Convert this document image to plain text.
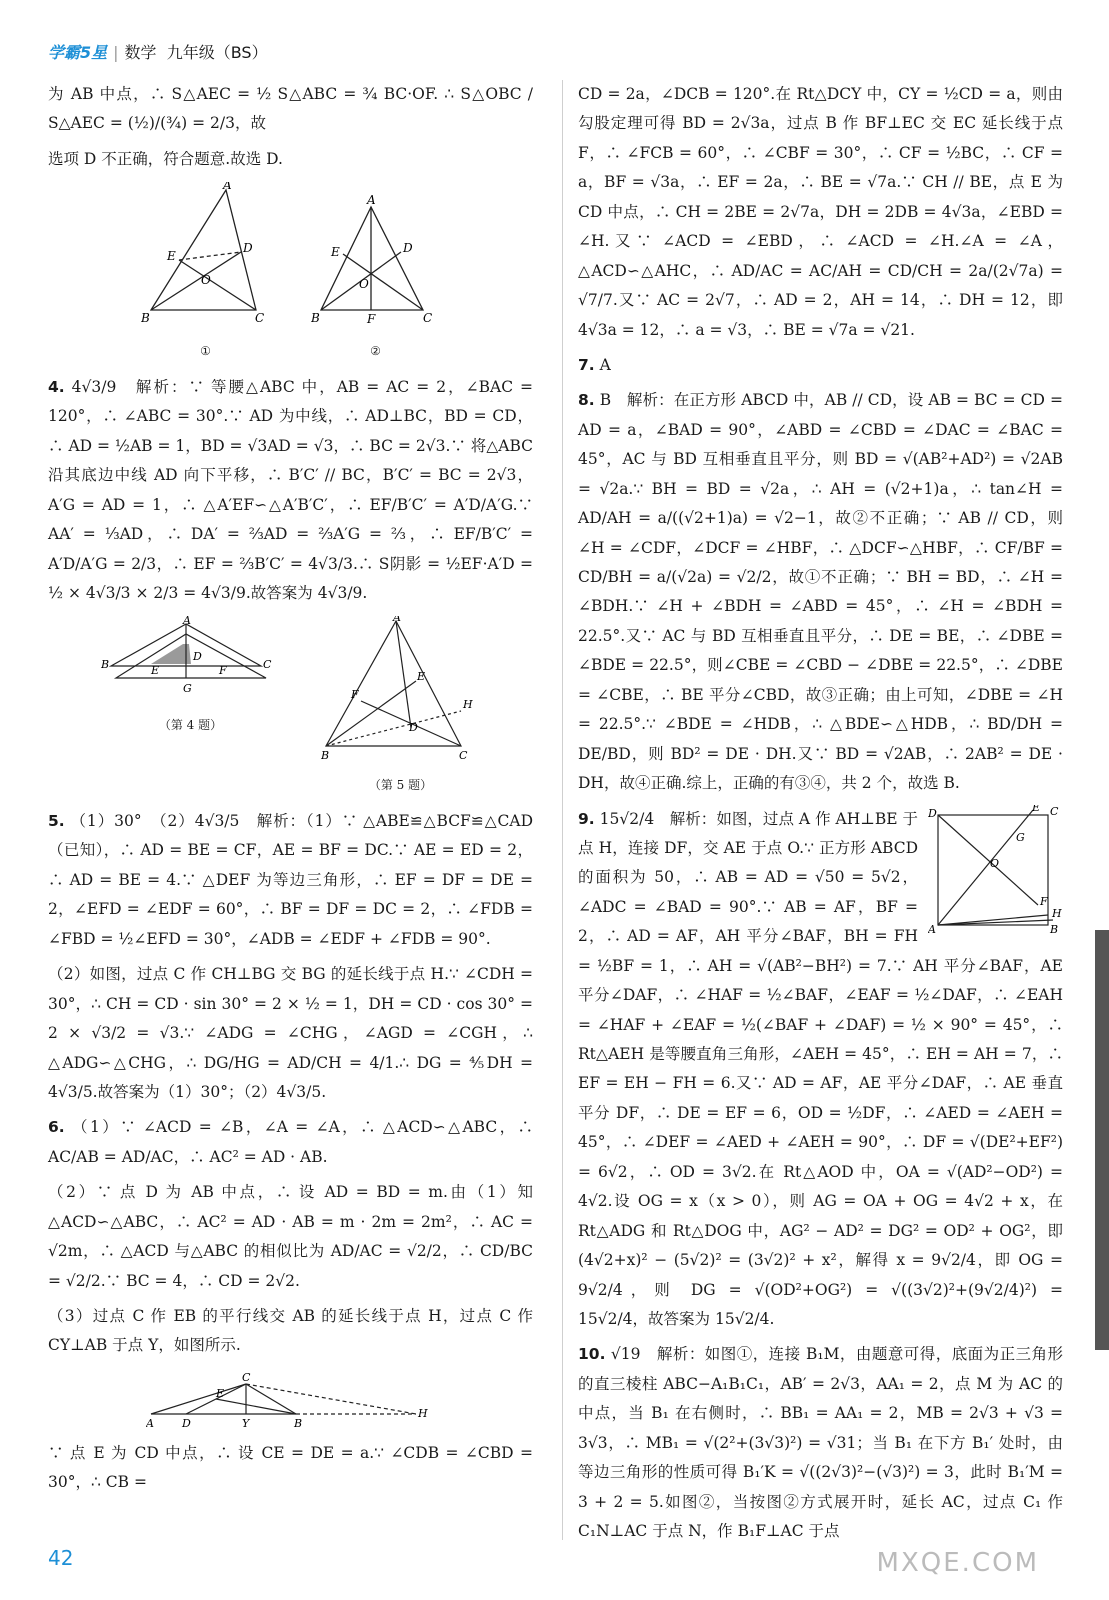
学霸5星 | 数学 九年级（BS）

为 AB 中点，∴ S△AEC = ½ S△ABC = ¾ BC·OF. ∴ S△OBC / S△AEC = (½)/(¾) = 2/3，故

选项 D 不正确，符合题意.故选 D.

A
B	C
E
D
O
①
A
B	C
E	D
O
F
②

4. 4√3/9　解析：∵ 等腰△ABC 中，AB = AC = 2，∠BAC = 120°，∴ ∠ABC = 30°.∵ AD 为中线，∴ AD⊥BC，BD = CD，∴ AD = ½AB = 1，BD = √3AD = √3，∴ BC = 2√3.∵ 将△ABC 沿其底边中线 AD 向下平移，∴ B′C′ // BC，B′C′ = BC = 2√3，A′G = AD = 1，∴ △A′EF∽△A′B′C′，∴ EF/B′C′ = A′D/A′G.∵ AA′ = ⅓AD，∴ DA′ = ⅔AD = ⅔A′G = ⅔，∴ EF/B′C′ = A′D/A′G = 2/3，∴ EF = ⅔B′C′ = 4√3/3.∴ S阴影 = ½EF·A′D = ½ × 4√3/3 × 2/3 = 4√3/9.故答案为 4√3/9.

A
B	C
D
E	F
G
（第 4 题）
A
B	C
D
E
F
H
（第 5 题）

5. （1）30°　（2）4√3/5　解析：（1）∵ △ABE≌△BCF≌△CAD（已知），∴ AD = BE = CF，AE = BF = DC.∵ AE = ED = 2，∴ AD = BE = 4.∵ △DEF 为等边三角形，∴ EF = DF = DE = 2，∠EFD = ∠EDF = 60°，∴ BF = DF = DC = 2，∴ ∠FDB = ∠FBD = ½∠EFD = 30°，∠ADB = ∠EDF + ∠FDB = 90°.

（2）如图，过点 C 作 CH⊥BG 交 BG 的延长线于点 H.∵ ∠CDH = 30°，∴ CH = CD · sin 30° = 2 × ½ = 1，DH = CD · cos 30° = 2 × √3/2 = √3.∵ ∠ADG = ∠CHG，∠AGD = ∠CGH，∴ △ADG∽△CHG，∴ DG/HG = AD/CH = 4/1.∴ DG = ⅘DH = 4√3/5.故答案为（1）30°；（2）4√3/5.

6. （1）∵ ∠ACD = ∠B，∠A = ∠A，∴ △ACD∽△ABC，∴ AC/AB = AD/AC，∴ AC² = AD · AB.

（2）∵ 点 D 为 AB 中点，∴ 设 AD = BD = m.由（1）知△ACD∽△ABC，∴ AC² = AD · AB = m · 2m = 2m²，∴ AC = √2m，∴ △ACD 与△ABC 的相似比为 AD/AC = √2/2，∴ CD/BC = √2/2.∵ BC = 4，∴ CD = 2√2.

（3）过点 C 作 EB 的平行线交 AB 的延长线于点 H，过点 C 作 CY⊥AB 于点 Y，如图所示.

A	D	Y	B
C
E
H

∵ 点 E 为 CD 中点，∴ 设 CE = DE = a.∵ ∠CDB = ∠CBD = 30°，∴ CB =

CD = 2a，∠DCB = 120°.在 Rt△DCY 中，CY = ½CD = a，则由勾股定理可得 BD = 2√3a，过点 B 作 BF⊥EC 交 EC 延长线于点 F，∴ ∠FCB = 60°，∴ ∠CBF = 30°，∴ CF = ½BC，∴ CF = a，BF = √3a，∴ EF = 2a，∴ BE = √7a.∵ CH // BE，点 E 为 CD 中点，∴ CH = 2BE = 2√7a，DH = 2DB = 4√3a，∠EBD = ∠H.又∵ ∠ACD = ∠EBD，∴ ∠ACD = ∠H.∠A = ∠A，△ACD∽△AHC，∴ AD/AC = AC/AH = CD/CH = 2a/(2√7a) = √7/7.又∵ AC = 2√7，∴ AD = 2，AH = 14，∴ DH = 12，即 4√3a = 12，∴ a = √3，∴ BE = √7a = √21.

7. A

8. B　解析：在正方形 ABCD 中，AB // CD，设 AB = BC = CD = AD = a，∠BAD = 90°，∠ABD = ∠CBD = ∠DAC = ∠BAC = 45°，AC 与 BD 互相垂直且平分，则 BD = √(AB²+AD²) = √2AB = √2a.∵ BH = BD = √2a，∴ AH = (√2+1)a，∴ tan∠H = AD/AH = a/((√2+1)a) = √2−1，故②不正确；∵ AB // CD，则∠H = ∠CDF，∠DCF = ∠HBF，∴ △DCF∽△HBF，∴ CF/BF = CD/BH = a/(√2a) = √2/2，故①不正确；∵ BH = BD，∴ ∠H = ∠BDH.∵ ∠H + ∠BDH = ∠ABD = 45°，∴ ∠H = ∠BDH = 22.5°.又∵ AC 与 BD 互相垂直且平分，∴ DE = BE，∴ ∠DBE = ∠BDE = 22.5°，则∠CBE = ∠CBD − ∠DBE = 22.5°，∴ ∠DBE = ∠CBE，∴ BE 平分∠CBD，故③正确；由上可知，∠DBE = ∠H = 22.5°.∵ ∠BDE = ∠HDB，∴ △BDE∽△HDB，∴ BD/DH = DE/BD，则 BD² = DE · DH.又∵ BD = √2AB，∴ 2AB² = DE · DH，故④正确.综上，正确的有③④，共 2 个，故选 B.

D	C
E
A	B
O
F
G
H

9. 15√2/4　解析：如图，过点 A 作 AH⊥BE 于点 H，连接 DF，交 AE 于点 O.∵ 正方形 ABCD 的面积为 50，∴ AB = AD = √50 = 5√2，∠ADC = ∠BAD = 90°.∵ AB = AF，BF = 2，∴ AD = AF，AH 平分∠BAF，BH = FH = ½BF = 1，∴ AH = √(AB²−BH²) = 7.∵ AH 平分∠BAF，AE 平分∠DAF，∴ ∠HAF = ½∠BAF，∠EAF = ½∠DAF，∴ ∠EAH = ∠HAF + ∠EAF = ½(∠BAF + ∠DAF) = ½ × 90° = 45°，∴ Rt△AEH 是等腰直角三角形，∠AEH = 45°，∴ EH = AH = 7，∴ EF = EH − FH = 6.又∵ AD = AF，AE 平分∠DAF，∴ AE 垂直平分 DF，∴ DE = EF = 6，OD = ½DF，∴ ∠AED = ∠AEH = 45°，∴ ∠DEF = ∠AED + ∠AEH = 90°，∴ DF = √(DE²+EF²) = 6√2，∴ OD = 3√2.在 Rt△AOD 中，OA = √(AD²−OD²) = 4√2.设 OG = x（x > 0），则 AG = OA + OG = 4√2 + x，在 Rt△ADG 和 Rt△DOG 中，AG² − AD² = DG² = OD² + OG²，即 (4√2+x)² − (5√2)² = (3√2)² + x²，解得 x = 9√2/4，即 OG = 9√2/4，则 DG = √(OD²+OG²) = √((3√2)²+(9√2/4)²) = 15√2/4，故答案为 15√2/4.

10. √19　解析：如图①，连接 B₁M，由题意可得，底面为正三角形的直三棱柱 ABC−A₁B₁C₁，AB′ = 2√3，AA₁ = 2，点 M 为 AC 的中点，当 B₁ 在右侧时，∴ BB₁ = AA₁ = 2，MB = 2√3 + √3 = 3√3，∴ MB₁ = √(2²+(3√3)²) = √31；当 B₁ 在下方 B₁′ 处时，由等边三角形的性质可得 B₁′K = √((2√3)²−(√3)²) = 3，此时 B₁′M = 3 + 2 = 5.如图②，当按图②方式展开时，延长 AC，过点 C₁ 作 C₁N⊥AC 于点 N，作 B₁F⊥AC 于点

42	MXQE.COM
